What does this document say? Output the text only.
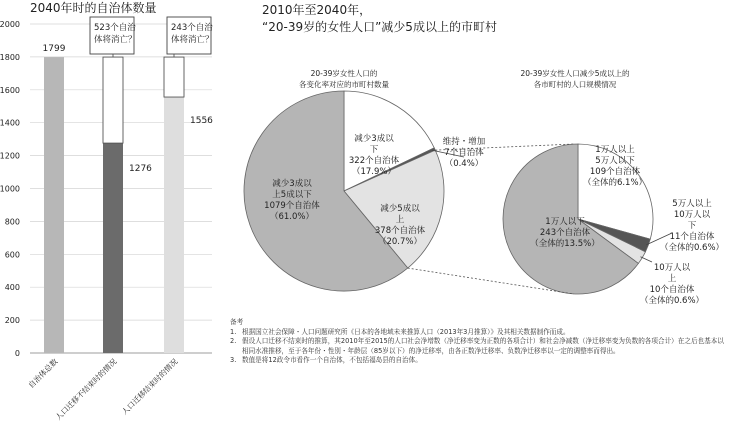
2040年时的自治体数量
0
200
400
600
800
1000
1200
1400
1600
1800
2000
自治体总数
人口迁移不结束时的情况 人口迁移结束时的情况
1799
1276
1556
523个自治
体将消亡？
243个自治
体将消亡？
2010年至2040年，
“20-39岁的女性人口”减少5成以上的市町村
20-39岁女性人口的
各变化率对应的市町村数量
20-39岁女性人口减少5成以上的
各市町村的人口规模情况
减少3成以
上5成以下
1079个自治体
（61.0%）
减少3成以
下
322个自治体
（17.9%）
减少5成以
上
378个自治体
（20.7%）
维持・增加
7个自治体
（0.4%）
1万人以下
243个自治体
（全体的13.5%）
1万人以上
5万人以下
109个自治体
（全体的6.1%）
5万人以上
10万人以
下
11个自治体
（全体的0.6%）
10万人以
上
10个自治体
（全体的0.6%）

备考

1. 根据国立社会保障・人口问题研究所《日本的各地域未来推算人口（2013年3月推算）》及其相关数据制作而成。
2. 假设人口迁移不结束时的推算，其2010年至2015的人口社会净增数（净迁移率变为正数的各项合计）和社会净减数（净迁移率变为负数的各项合计）在之后也基本以相同水准推移，至于各年份・性别・年龄层（85岁以下）的净迁移率，由各正数净迁移率、负数净迁移率以一定的调整率而得出。
3. 数值是将12政令市看作一个自治体，不包括福岛县的自治体。
